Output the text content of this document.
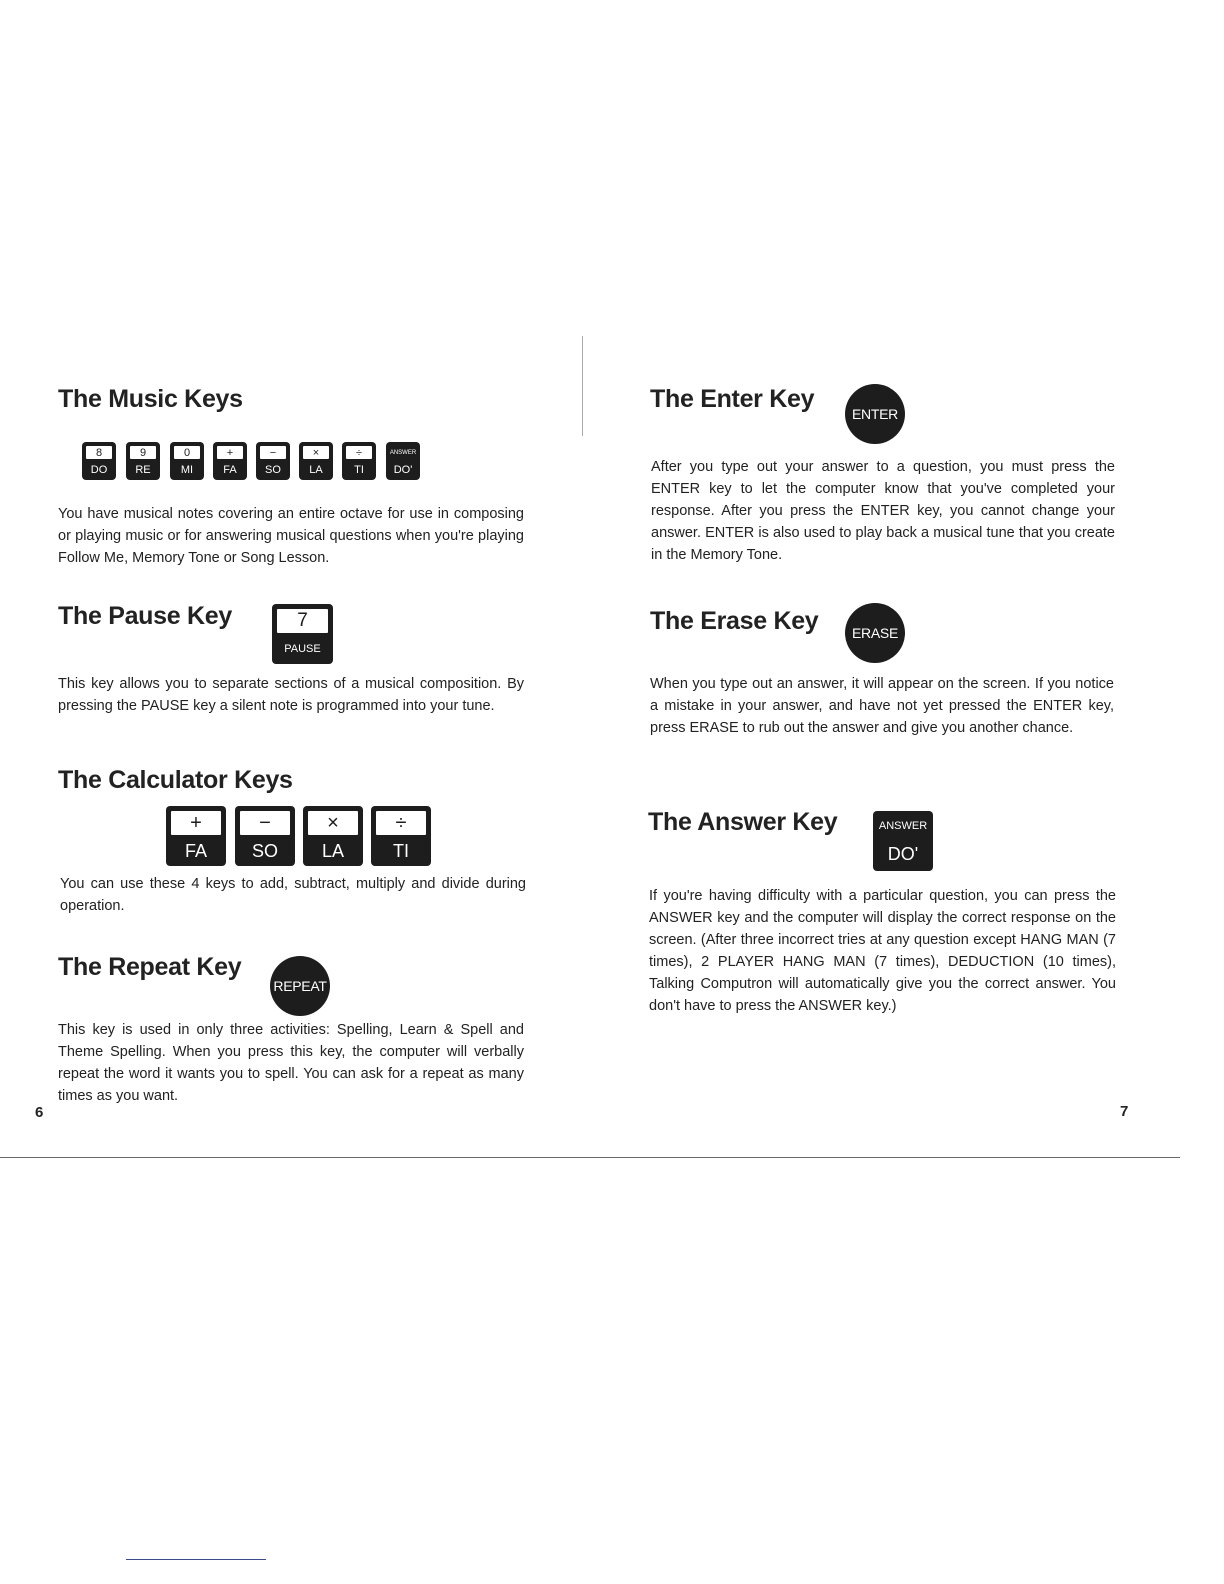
The Music Keys
8
DO
9
RE
0
MI
+
FA
−
SO
×
LA
÷
TI
ANSWER
DO'

You have musical notes covering an entire octave for use in composing or playing music or for answering musical questions when you're playing Follow Me, Memory Tone or Song Lesson.

The Pause Key	7
PAUSE

This key allows you to separate sections of a musical composition. By pressing the PAUSE key a silent note is programmed into your tune.

The Calculator Keys
+
FA
−
SO
×
LA
÷
TI

You can use these 4 keys to add, subtract, multiply and divide during operation.

The Repeat Key
REPEAT

This key is used in only three activities: Spelling, Learn & Spell and Theme Spelling. When you press this key, the computer will verbally repeat the word it wants you to spell. You can ask for a repeat as many times as you want.

6
The Enter Key
ENTER

After you type out your answer to a question, you must press the ENTER key to let the computer know that you've completed your response. After you press the ENTER key, you cannot change your answer. ENTER is also used to play back a musical tune that you create in the Memory Tone.

The Erase Key	ERASE

When you type out an answer, it will appear on the screen. If you notice a mistake in your answer, and have not yet pressed the ENTER key, press ERASE to rub out the answer and give you another chance.

The Answer Key	ANSWER
DO'

If you're having difficulty with a particular question, you can press the ANSWER key and the computer will display the correct response on the screen. (After three incorrect tries at any question except HANG MAN (7 times), 2 PLAYER HANG MAN (7 times), DEDUCTION (10 times), Talking Computron will automatically give you the correct answer. You don't have to press the ANSWER key.)

7
